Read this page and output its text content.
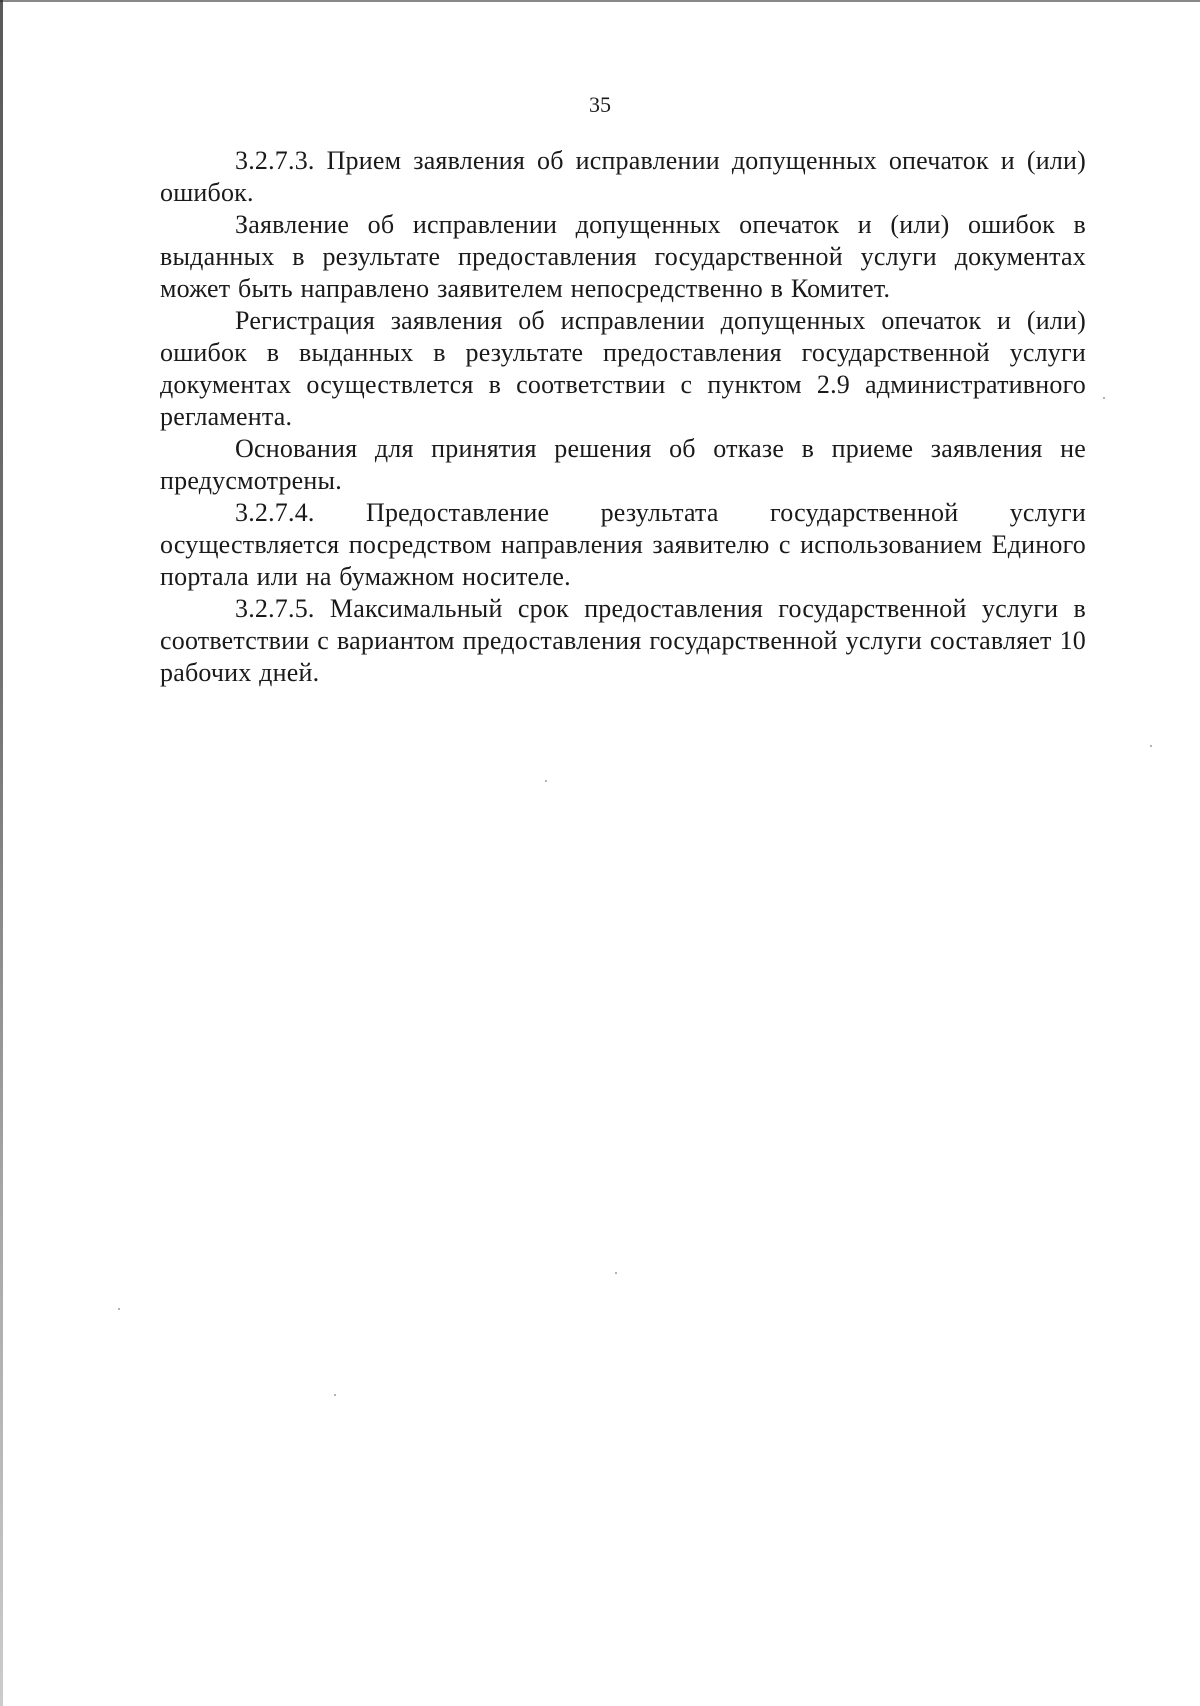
35

3.2.7.3. Прием заявления об исправлении допущенных опечаток и (или) ошибок.

Заявление об исправлении допущенных опечаток и (или) ошибок в выданных в результате предоставления государственной услуги документах может быть направлено заявителем непосредственно в Комитет.

Регистрация заявления об исправлении допущенных опечаток и (или) ошибок в выданных в результате предоставления государственной услуги документах осуществлется в соответствии с пунктом 2.9 административного регламента.

Основания для принятия решения об отказе в приеме заявления не предусмотрены.

3.2.7.4. Предоставление результата государственной услуги осуществляется посредством направления заявителю с использованием Единого портала или на бумажном носителе.

3.2.7.5. Максимальный срок предоставления государственной услуги в соответствии с вариантом предоставления государственной услуги составляет 10 рабочих дней.
